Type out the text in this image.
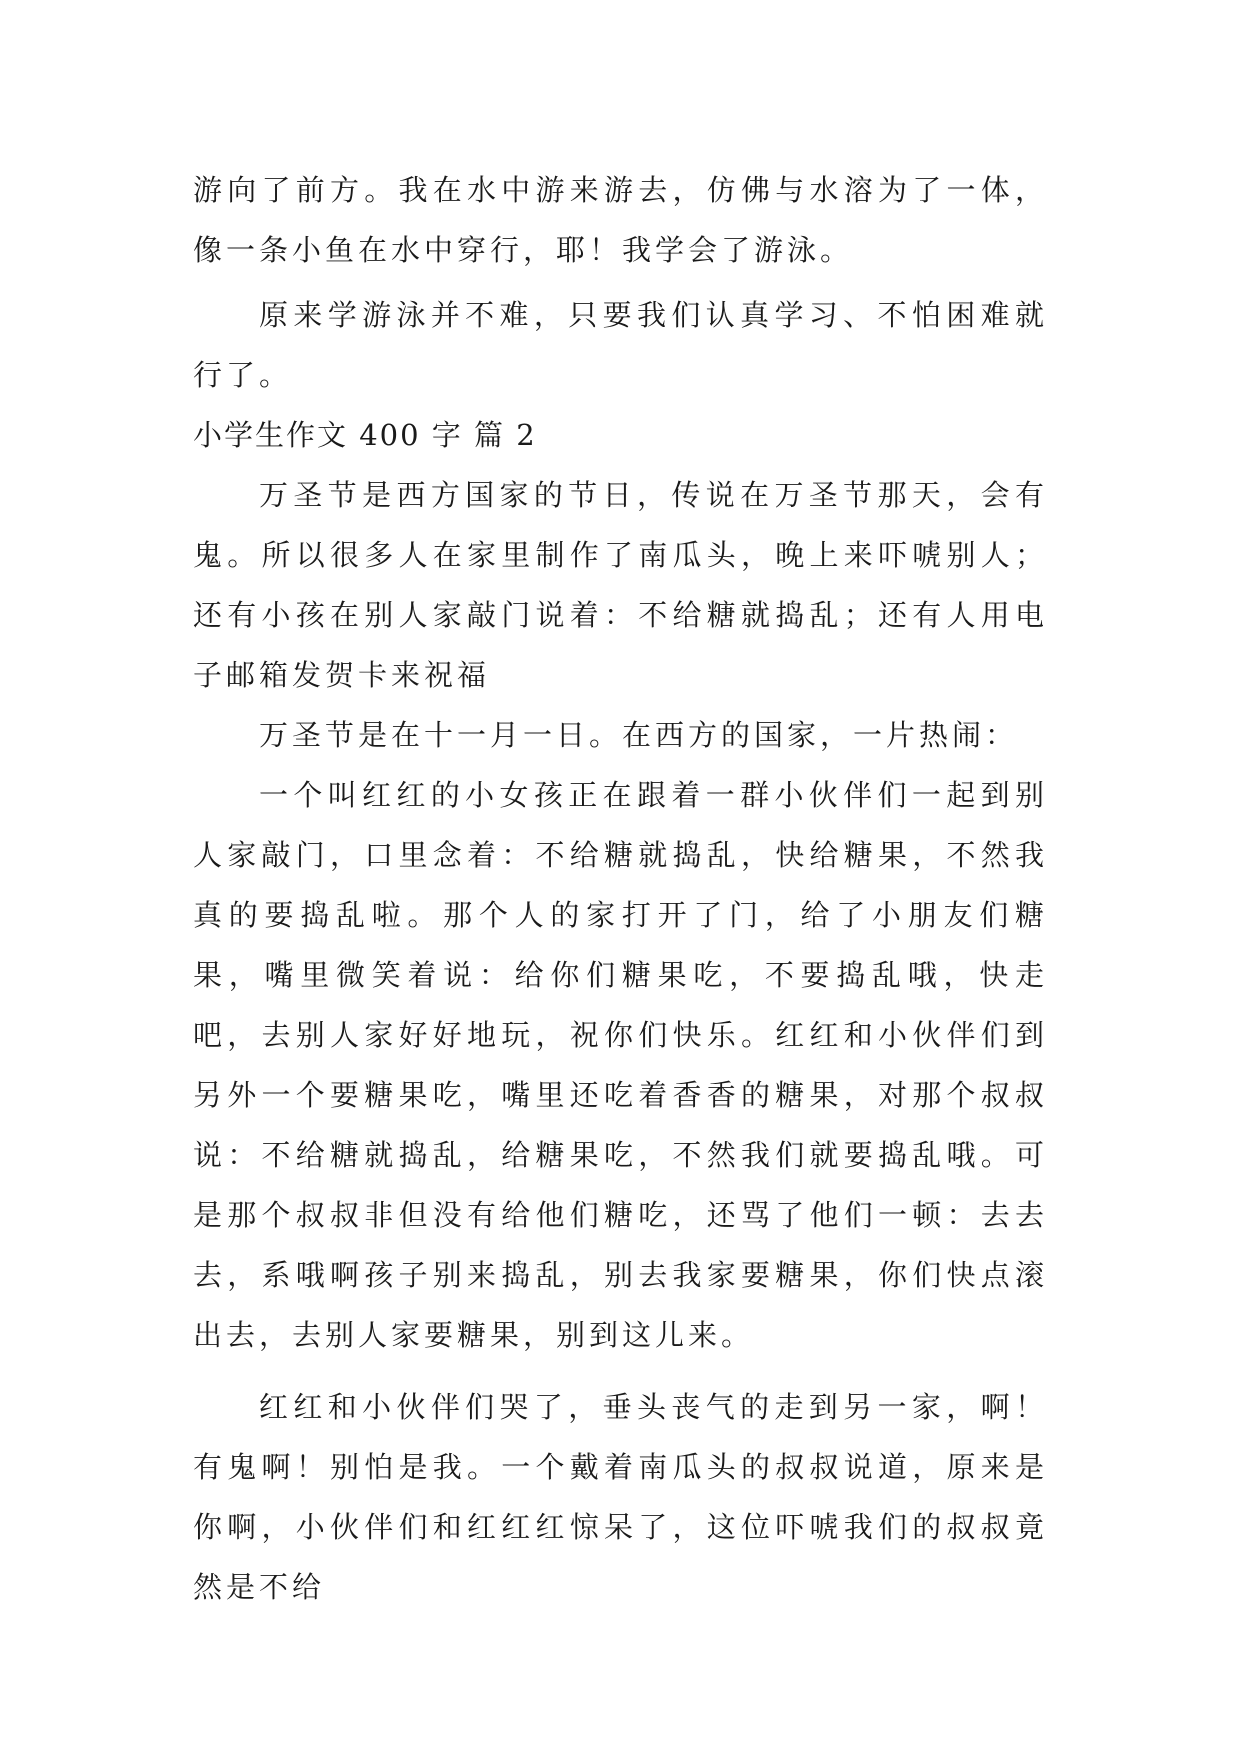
游向了前方。我在水中游来游去，仿佛与水溶为了一体，像一条小鱼在水中穿行，耶！我学会了游泳。

原来学游泳并不难，只要我们认真学习、不怕困难就行了。

小学生作文 400 字 篇 2

万圣节是西方国家的节日，传说在万圣节那天，会有鬼。所以很多人在家里制作了南瓜头，晚上来吓唬别人；还有小孩在别人家敲门说着：不给糖就捣乱；还有人用电子邮箱发贺卡来祝福

万圣节是在十一月一日。在西方的国家，一片热闹：

一个叫红红的小女孩正在跟着一群小伙伴们一起到别人家敲门，口里念着：不给糖就捣乱，快给糖果，不然我真的要捣乱啦。那个人的家打开了门，给了小朋友们糖果，嘴里微笑着说：给你们糖果吃，不要捣乱哦，快走吧，去别人家好好地玩，祝你们快乐。红红和小伙伴们到另外一个要糖果吃，嘴里还吃着香香的糖果，对那个叔叔说：不给糖就捣乱，给糖果吃，不然我们就要捣乱哦。可是那个叔叔非但没有给他们糖吃，还骂了他们一顿：去去去，系哦啊孩子别来捣乱，别去我家要糖果，你们快点滚出去，去别人家要糖果，别到这儿来。

红红和小伙伴们哭了，垂头丧气的走到另一家，啊！有鬼啊！别怕是我。一个戴着南瓜头的叔叔说道，原来是你啊，小伙伴们和红红红惊呆了，这位吓唬我们的叔叔竟然是不给
